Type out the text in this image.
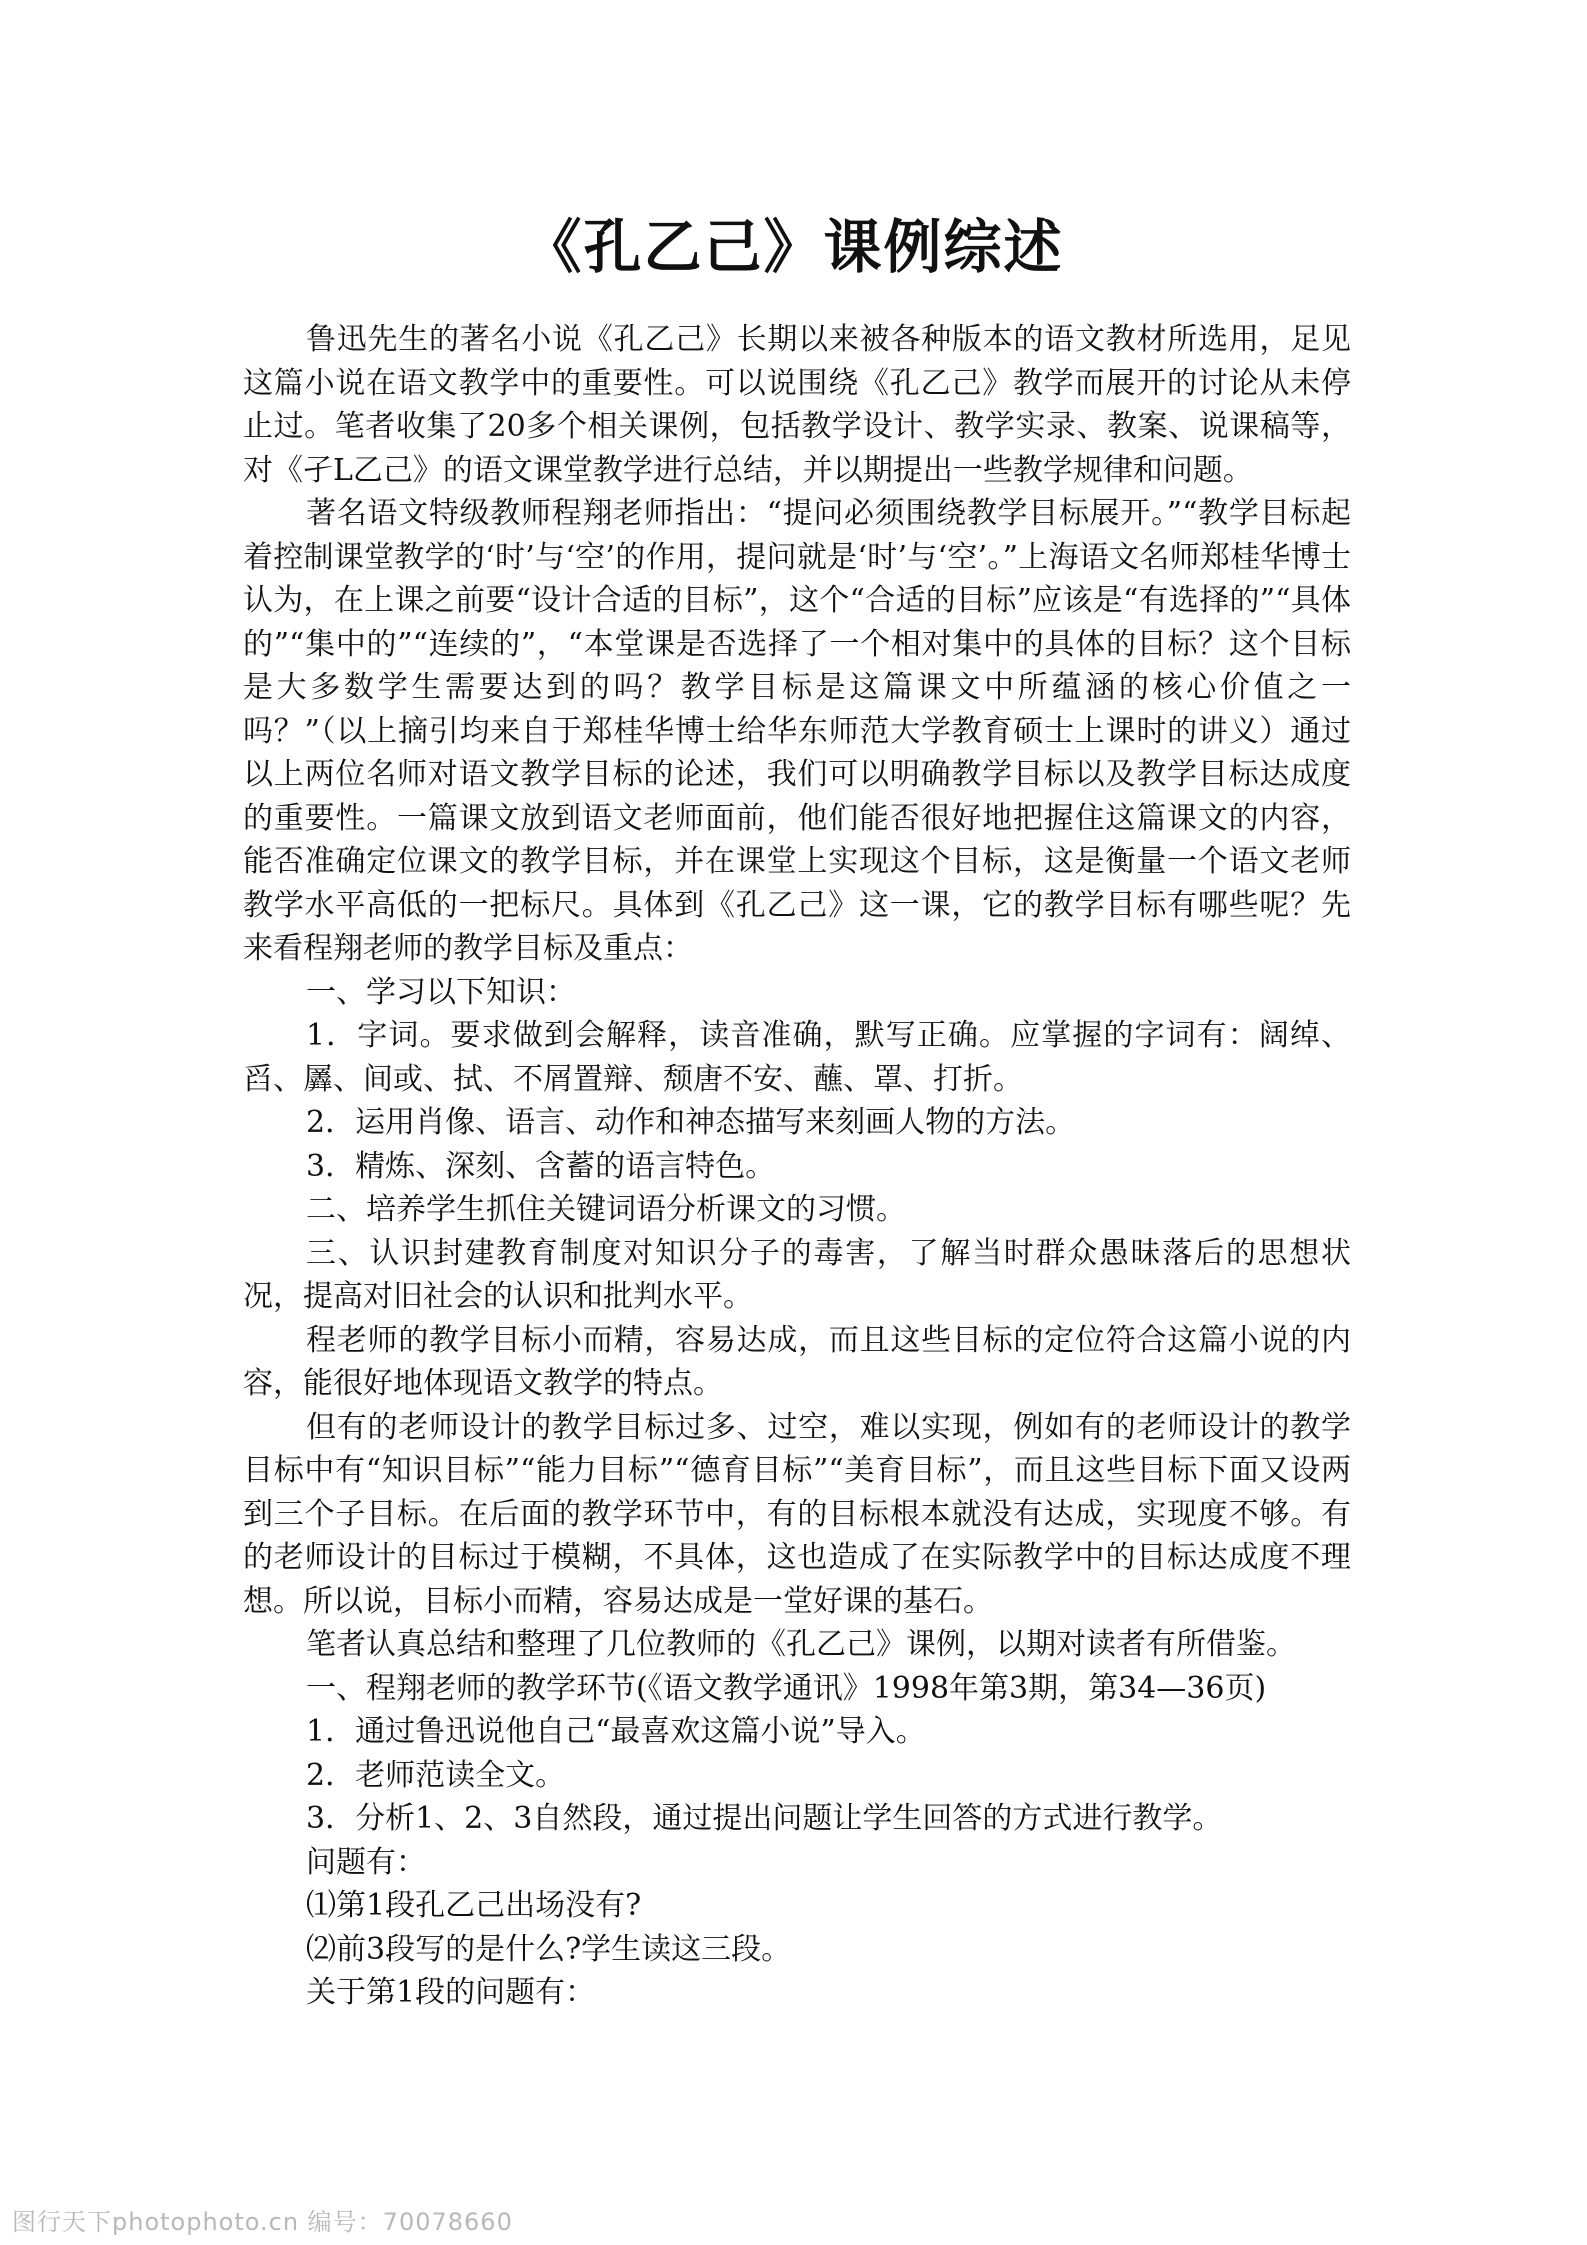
《孔乙己》课例综述

鲁迅先生的著名小说《孔乙己》长期以来被各种版本的语文教材所选用，足见这篇小说在语文教学中的重要性。可以说围绕《孔乙己》教学而展开的讨论从未停止过。笔者收集了20多个相关课例，包括教学设计、教学实录、教案、说课稿等，对《孑L乙己》的语文课堂教学进行总结，并以期提出一些教学规律和问题。

著名语文特级教师程翔老师指出：“提问必须围绕教学目标展开。”“教学目标起着控制课堂教学的‘时’与‘空’的作用，提问就是‘时’与‘空’。”上海语文名师郑桂华博士认为，在上课之前要“设计合适的目标”，这个“合适的目标”应该是“有选择的”“具体的”“集中的”“连续的”，“本堂课是否选择了一个相对集中的具体的目标？这个目标是大多数学生需要达到的吗？教学目标是这篇课文中所蕴涵的核心价值之一吗？”（以上摘引均来自于郑桂华博士给华东师范大学教育硕士上课时的讲义）通过以上两位名师对语文教学目标的论述，我们可以明确教学目标以及教学目标达成度的重要性。一篇课文放到语文老师面前，他们能否很好地把握住这篇课文的内容，能否准确定位课文的教学目标，并在课堂上实现这个目标，这是衡量一个语文老师教学水平高低的一把标尺。具体到《孔乙己》这一课，它的教学目标有哪些呢？先来看程翔老师的教学目标及重点：

一、学习以下知识：

1．字词。要求做到会解释，读音准确，默写正确。应掌握的字词有：阔绰、舀、羼、间或、拭、不屑置辩、颓唐不安、蘸、罩、打折。

2．运用肖像、语言、动作和神态描写来刻画人物的方法。

3．精炼、深刻、含蓄的语言特色。

二、培养学生抓住关键词语分析课文的习惯。

三、认识封建教育制度对知识分子的毒害，了解当时群众愚昧落后的思想状况，提高对旧社会的认识和批判水平。

程老师的教学目标小而精，容易达成，而且这些目标的定位符合这篇小说的内容，能很好地体现语文教学的特点。

但有的老师设计的教学目标过多、过空，难以实现，例如有的老师设计的教学目标中有“知识目标”“能力目标”“德育目标”“美育目标”，而且这些目标下面又设两到三个子目标。在后面的教学环节中，有的目标根本就没有达成，实现度不够。有的老师设计的目标过于模糊，不具体，这也造成了在实际教学中的目标达成度不理想。所以说，目标小而精，容易达成是一堂好课的基石。

笔者认真总结和整理了几位教师的《孔乙己》课例，以期对读者有所借鉴。

一、程翔老师的教学环节(《语文教学通讯》1998年第3期，第34—36页)

1．通过鲁迅说他自己“最喜欢这篇小说”导入。

2．老师范读全文。

3．分析1、2、3自然段，通过提出问题让学生回答的方式进行教学。

问题有：

⑴第1段孔乙己出场没有?

⑵前3段写的是什么?学生读这三段。

关于第1段的问题有：

图行天下photophoto.cn 编号：70078660
